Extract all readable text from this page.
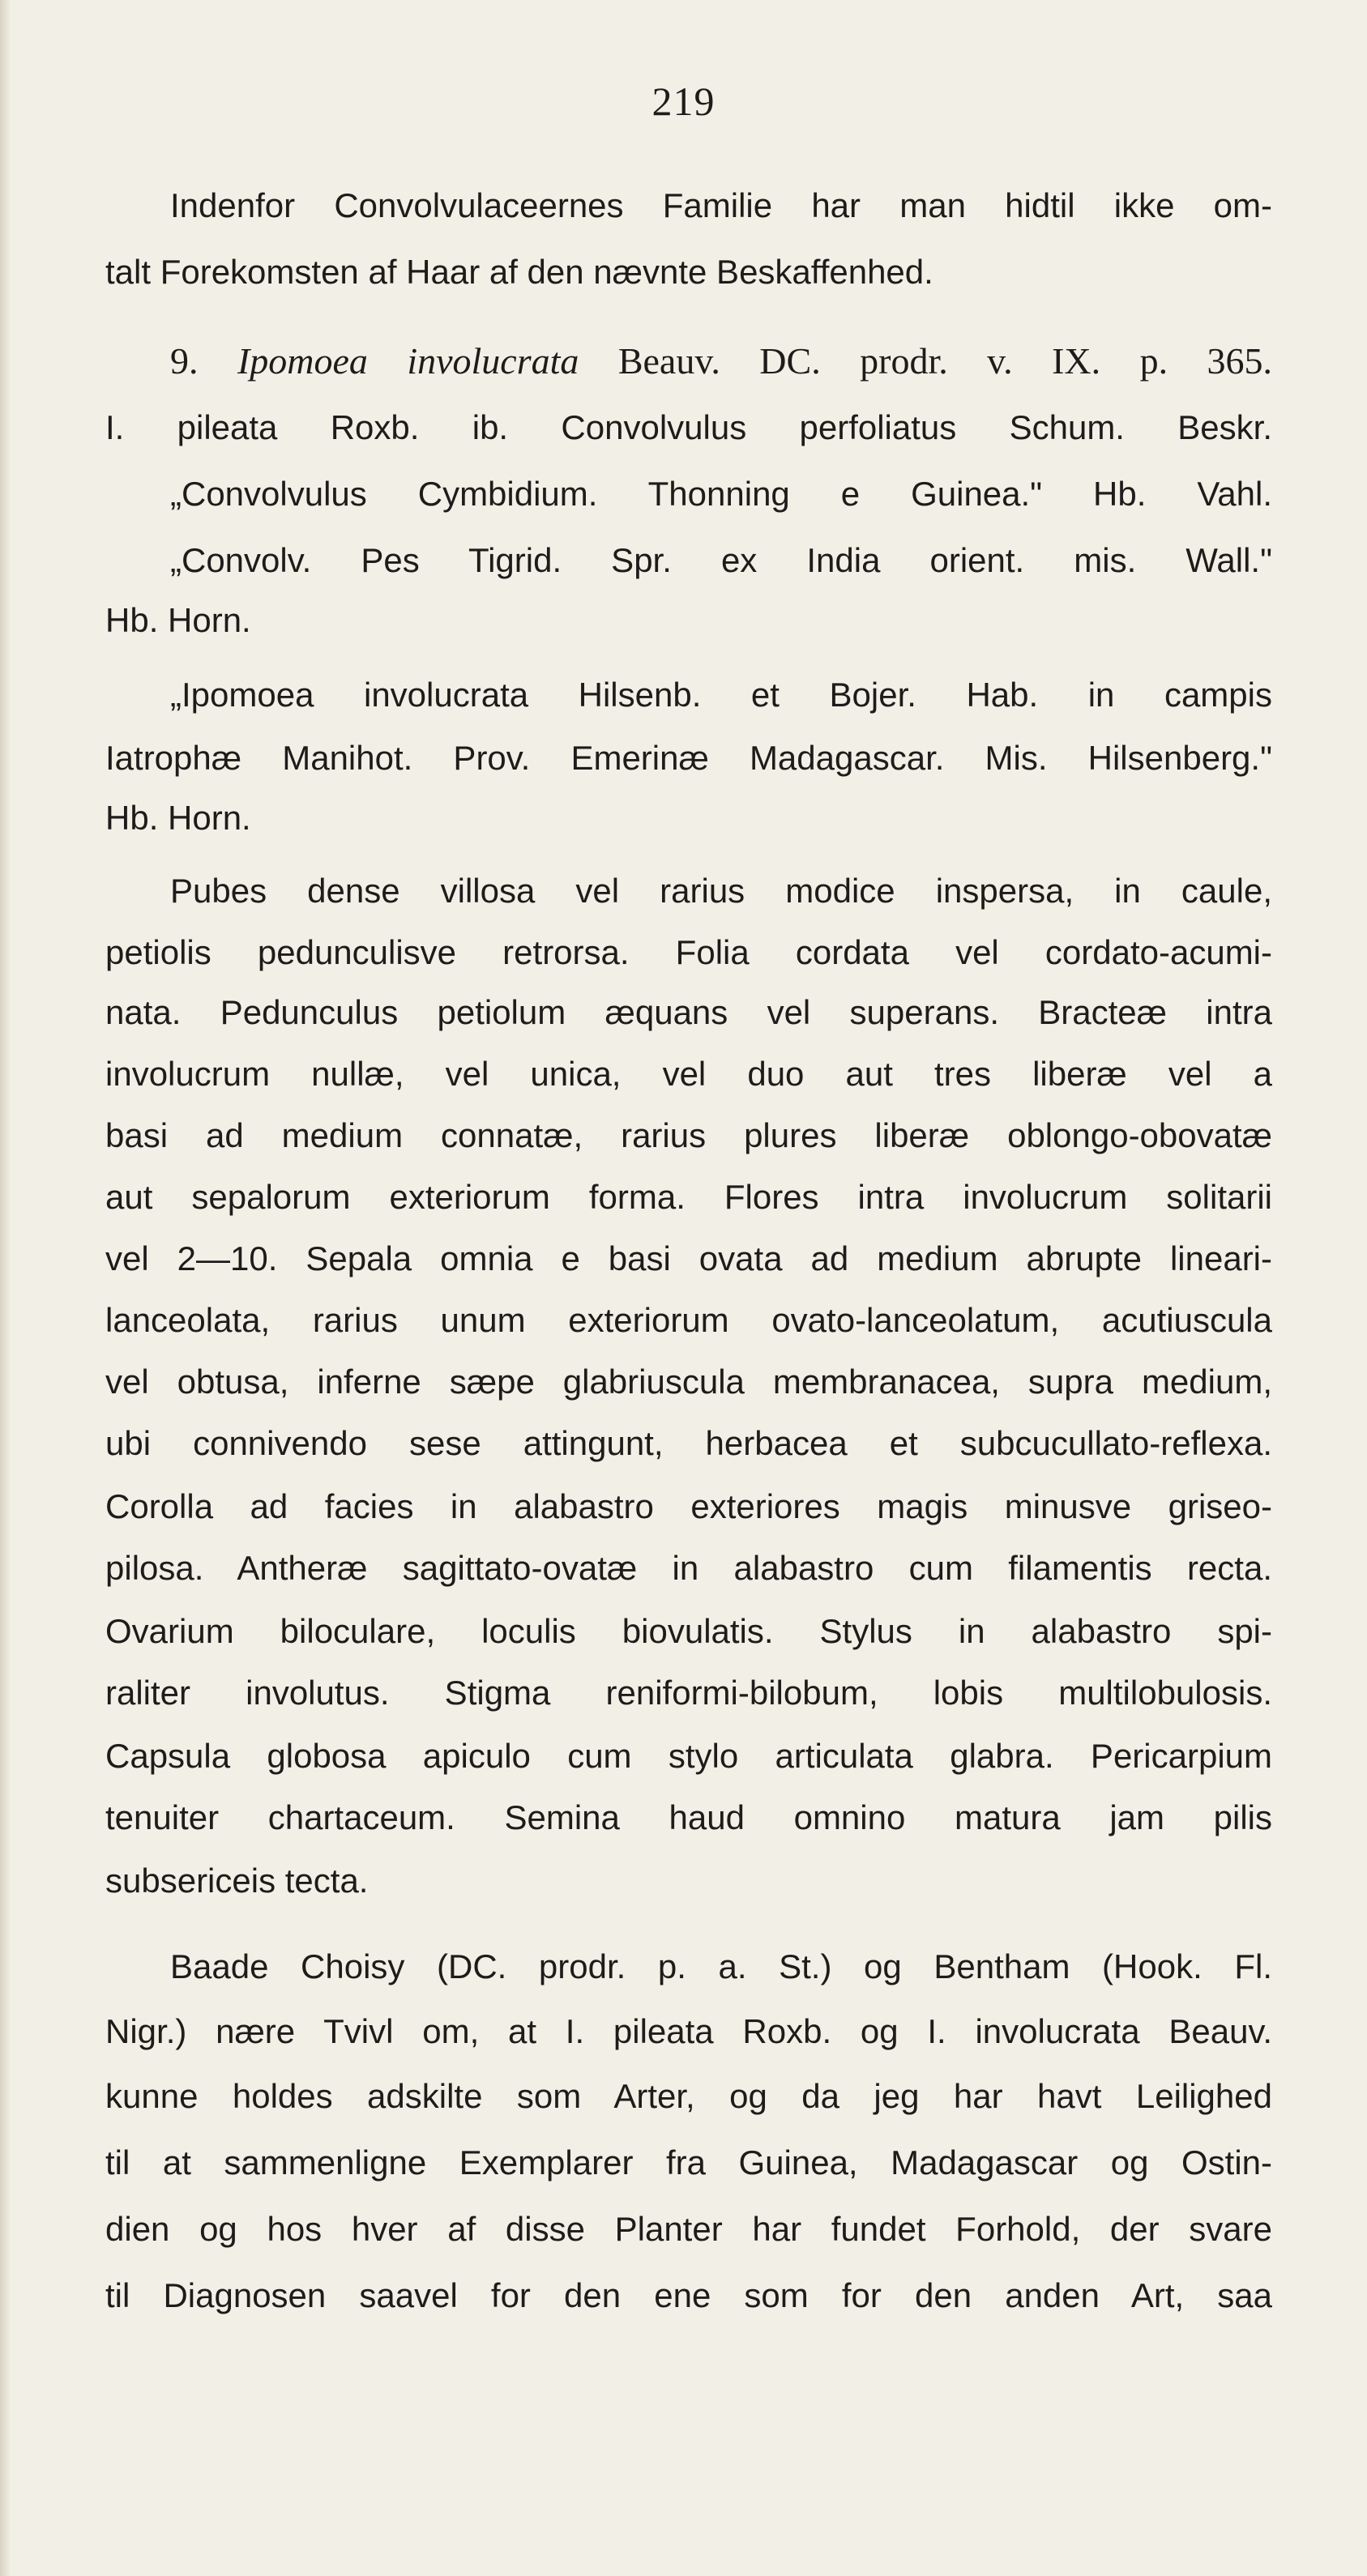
219
Indenfor Convolvulaceernes Familie har man hidtil ikke om-
talt Forekomsten af Haar af den nævnte Beskaffenhed.
9. Ipomoea involucrata Beauv. DC. prodr. v. IX. p. 365.
I. pileata Roxb. ib. Convolvulus perfoliatus Schum. Beskr.
„Convolvulus Cymbidium. Thonning e Guinea." Hb. Vahl.
„Convolv. Pes Tigrid. Spr. ex India orient. mis. Wall."
Hb. Horn.
„Ipomoea involucrata Hilsenb. et Bojer. Hab. in campis
Iatrophæ Manihot. Prov. Emerinæ Madagascar. Mis. Hilsenberg."
Hb. Horn.
Pubes dense villosa vel rarius modice inspersa, in caule,
petiolis pedunculisve retrorsa. Folia cordata vel cordato-acumi-
nata. Pedunculus petiolum æquans vel superans. Bracteæ intra
involucrum nullæ, vel unica, vel duo aut tres liberæ vel a
basi ad medium connatæ, rarius plures liberæ oblongo-obovatæ
aut sepalorum exteriorum forma. Flores intra involucrum solitarii
vel 2—10. Sepala omnia e basi ovata ad medium abrupte lineari-
lanceolata, rarius unum exteriorum ovato-lanceolatum, acutiuscula
vel obtusa, inferne sæpe glabriuscula membranacea, supra medium,
ubi connivendo sese attingunt, herbacea et subcucullato-reflexa.
Corolla ad facies in alabastro exteriores magis minusve griseo-
pilosa. Antheræ sagittato-ovatæ in alabastro cum filamentis recta.
Ovarium biloculare, loculis biovulatis. Stylus in alabastro spi-
raliter involutus. Stigma reniformi-bilobum, lobis multilobulosis.
Capsula globosa apiculo cum stylo articulata glabra. Pericarpium
tenuiter chartaceum. Semina haud omnino matura jam pilis
subsericeis tecta.
Baade Choisy (DC. prodr. p. a. St.) og Bentham (Hook. Fl.
Nigr.) nære Tvivl om, at I. pileata Roxb. og I. involucrata Beauv.
kunne holdes adskilte som Arter, og da jeg har havt Leilighed
til at sammenligne Exemplarer fra Guinea, Madagascar og Ostin-
dien og hos hver af disse Planter har fundet Forhold, der svare
til Diagnosen saavel for den ene som for den anden Art, saa
